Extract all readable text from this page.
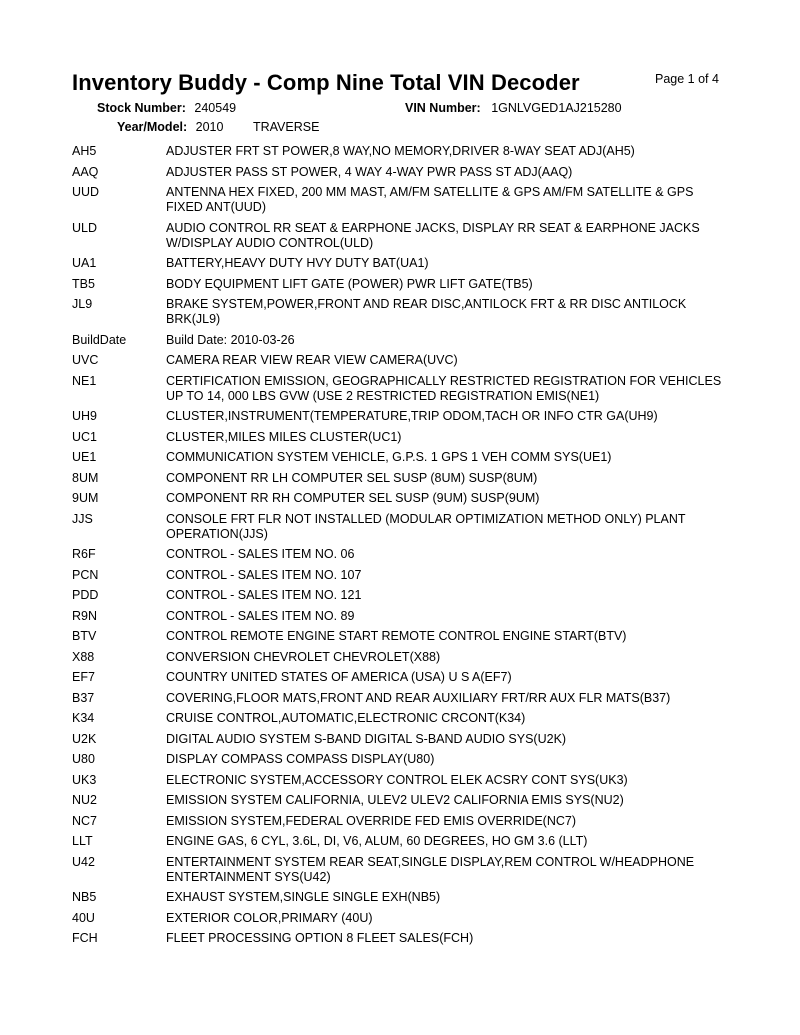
Inventory Buddy - Comp Nine Total VIN Decoder	Page 1 of 4
Stock Number: 240549	VIN Number: 1GNLVGED1AJ215280
Year/Model: 2010 TRAVERSE
AH5	ADJUSTER FRT ST POWER,8 WAY,NO MEMORY,DRIVER 8-WAY SEAT ADJ(AH5)
AAQ	ADJUSTER PASS ST POWER, 4 WAY 4-WAY PWR PASS ST ADJ(AAQ)
UUD	ANTENNA HEX FIXED, 200 MM MAST, AM/FM SATELLITE & GPS AM/FM SATELLITE & GPS FIXED ANT(UUD)
ULD	AUDIO CONTROL RR SEAT & EARPHONE JACKS, DISPLAY RR SEAT & EARPHONE JACKS W/DISPLAY AUDIO CONTROL(ULD)
UA1	BATTERY,HEAVY DUTY HVY DUTY BAT(UA1)
TB5	BODY EQUIPMENT LIFT GATE (POWER) PWR LIFT GATE(TB5)
JL9	BRAKE SYSTEM,POWER,FRONT AND REAR DISC,ANTILOCK FRT & RR DISC ANTILOCK BRK(JL9)
BuildDate	Build Date: 2010-03-26
UVC	CAMERA REAR VIEW REAR VIEW CAMERA(UVC)
NE1	CERTIFICATION EMISSION, GEOGRAPHICALLY RESTRICTED REGISTRATION FOR VEHICLES UP TO 14, 000 LBS GVW (USE 2 RESTRICTED REGISTRATION EMIS(NE1)
UH9	CLUSTER,INSTRUMENT(TEMPERATURE,TRIP ODOM,TACH OR INFO CTR GA(UH9)
UC1	CLUSTER,MILES MILES CLUSTER(UC1)
UE1	COMMUNICATION SYSTEM VEHICLE, G.P.S. 1 GPS 1 VEH COMM SYS(UE1)
8UM	COMPONENT RR LH COMPUTER SEL SUSP (8UM) SUSP(8UM)
9UM	COMPONENT RR RH COMPUTER SEL SUSP (9UM) SUSP(9UM)
JJS	CONSOLE FRT FLR NOT INSTALLED (MODULAR OPTIMIZATION METHOD ONLY) PLANT OPERATION(JJS)
R6F	CONTROL - SALES ITEM NO. 06
PCN	CONTROL - SALES ITEM NO. 107
PDD	CONTROL - SALES ITEM NO. 121
R9N	CONTROL - SALES ITEM NO. 89
BTV	CONTROL REMOTE ENGINE START REMOTE CONTROL ENGINE START(BTV)
X88	CONVERSION CHEVROLET CHEVROLET(X88)
EF7	COUNTRY UNITED STATES OF AMERICA (USA) U S A(EF7)
B37	COVERING,FLOOR MATS,FRONT AND REAR AUXILIARY FRT/RR AUX FLR MATS(B37)
K34	CRUISE CONTROL,AUTOMATIC,ELECTRONIC CRCONT(K34)
U2K	DIGITAL AUDIO SYSTEM S-BAND DIGITAL S-BAND AUDIO SYS(U2K)
U80	DISPLAY COMPASS COMPASS DISPLAY(U80)
UK3	ELECTRONIC SYSTEM,ACCESSORY CONTROL ELEK ACSRY CONT SYS(UK3)
NU2	EMISSION SYSTEM CALIFORNIA, ULEV2 ULEV2 CALIFORNIA EMIS SYS(NU2)
NC7	EMISSION SYSTEM,FEDERAL OVERRIDE FED EMIS OVERRIDE(NC7)
LLT	ENGINE GAS, 6 CYL, 3.6L, DI, V6, ALUM, 60 DEGREES, HO GM 3.6 (LLT)
U42	ENTERTAINMENT SYSTEM REAR SEAT,SINGLE DISPLAY,REM CONTROL W/HEADPHONE ENTERTAINMENT SYS(U42)
NB5	EXHAUST SYSTEM,SINGLE SINGLE EXH(NB5)
40U	EXTERIOR COLOR,PRIMARY (40U)
FCH	FLEET PROCESSING OPTION 8 FLEET SALES(FCH)
